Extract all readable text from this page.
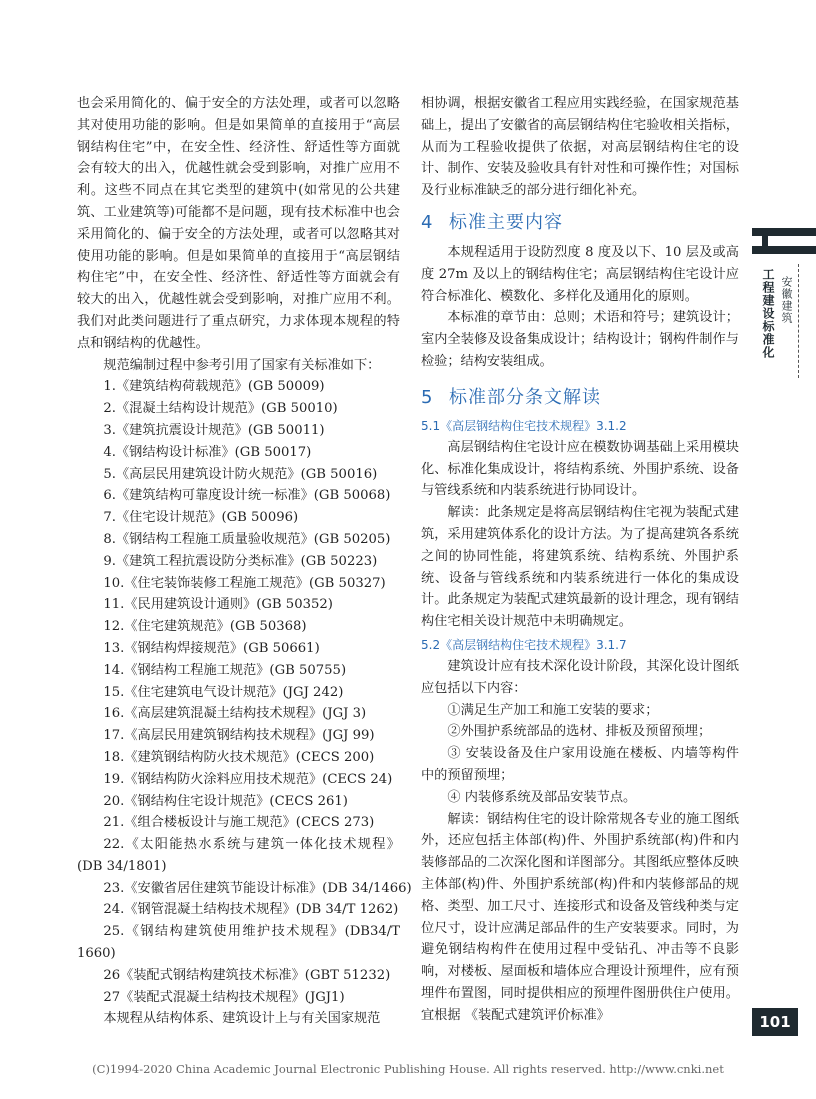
也会采用简化的、偏于安全的方法处理，或者可以忽略其对使用功能的影响。但是如果简单的直接用于“高层钢结构住宅”中，在安全性、经济性、舒适性等方面就会有较大的出入，优越性就会受到影响，对推广应用不利。这些不同点在其它类型的建筑中(如常见的公共建筑、工业建筑等)可能都不是问题，现有技术标准中也会采用简化的、偏于安全的方法处理，或者可以忽略其对使用功能的影响。但是如果简单的直接用于“高层钢结构住宅”中，在安全性、经济性、舒适性等方面就会有较大的出入，优越性就会受到影响，对推广应用不利。我们对此类问题进行了重点研究，力求体现本规程的特点和钢结构的优越性。

规范编制过程中参考引用了国家有关标准如下：

1.《建筑结构荷载规范》(GB 50009)
2.《混凝土结构设计规范》(GB 50010)
3.《建筑抗震设计规范》(GB 50011)
4.《钢结构设计标准》(GB 50017)
5.《高层民用建筑设计防火规范》(GB 50016)
6.《建筑结构可靠度设计统一标准》(GB 50068)
7.《住宅设计规范》(GB 50096)
8.《钢结构工程施工质量验收规范》(GB 50205)
9.《建筑工程抗震设防分类标准》(GB 50223)
10.《住宅装饰装修工程施工规范》(GB 50327)
11.《民用建筑设计通则》(GB 50352)
12.《住宅建筑规范》(GB 50368)
13.《钢结构焊接规范》(GB 50661)
14.《钢结构工程施工规范》(GB 50755)
15.《住宅建筑电气设计规范》(JGJ 242)
16.《高层建筑混凝土结构技术规程》(JGJ 3)
17.《高层民用建筑钢结构技术规程》(JGJ 99)
18.《建筑钢结构防火技术规范》(CECS 200)
19.《钢结构防火涂料应用技术规范》(CECS 24)
20.《钢结构住宅设计规范》(CECS 261)
21.《组合楼板设计与施工规范》(CECS 273)
22.《太阳能热水系统与建筑一体化技术规程》(DB 34/1801)
23.《安徽省居住建筑节能设计标准》(DB 34/1466)
24.《钢管混凝土结构技术规程》(DB 34/T 1262)
25.《钢结构建筑使用维护技术规程》(DB34/T 1660)
26《装配式钢结构建筑技术标准》(GBT 51232)
27《装配式混凝土结构技术规程》(JGJ1)

本规程从结构体系、建筑设计上与有关国家规范

相协调，根据安徽省工程应用实践经验，在国家规范基础上，提出了安徽省的高层钢结构住宅验收相关指标，从而为工程验收提供了依据，对高层钢结构住宅的设计、制作、安装及验收具有针对性和可操作性；对国标及行业标准缺乏的部分进行细化补充。

4 标准主要内容

本规程适用于设防烈度 8 度及以下、10 层及或高度 27m 及以上的钢结构住宅；高层钢结构住宅设计应符合标准化、模数化、多样化及通用化的原则。

本标准的章节由：总则；术语和符号；建筑设计；室内全装修及设备集成设计；结构设计；钢构件制作与检验；结构安装组成。

5 标准部分条文解读
5.1《高层钢结构住宅技术规程》3.1.2

高层钢结构住宅设计应在模数协调基础上采用模块化、标准化集成设计，将结构系统、外围护系统、设备与管线系统和内装系统进行协同设计。

解读：此条规定是将高层钢结构住宅视为装配式建筑，采用建筑体系化的设计方法。为了提高建筑各系统之间的协同性能，将建筑系统、结构系统、外围护系统、设备与管线系统和内装系统进行一体化的集成设计。此条规定为装配式建筑最新的设计理念，现有钢结构住宅相关设计规范中未明确规定。

5.2《高层钢结构住宅技术规程》3.1.7

建筑设计应有技术深化设计阶段，其深化设计图纸应包括以下内容：

①满足生产加工和施工安装的要求；

②外围护系统部品的选材、排板及预留预埋；

③ 安装设备及住户家用设施在楼板、内墙等构件中的预留预埋；

④ 内装修系统及部品安装节点。

解读：钢结构住宅的设计除常规各专业的施工图纸外，还应包括主体部(构)件、外围护系统部(构)件和内装修部品的二次深化图和详图部分。其图纸应整体反映主体部(构)件、外围护系统部(构)件和内装修部品的规格、类型、加工尺寸、连接形式和设备及管线种类与定位尺寸，设计应满足部品件的生产安装要求。同时，为避免钢结构构件在使用过程中受钻孔、冲击等不良影响，对楼板、屋面板和墙体应合理设计预埋件，应有预埋件布置图，同时提供相应的预埋件图册供住户使用。宜根据 《装配式建筑评价标准》

工程建设标准化 安徽建筑
101
(C)1994-2020 China Academic Journal Electronic Publishing House. All rights reserved. http://www.cnki.net
